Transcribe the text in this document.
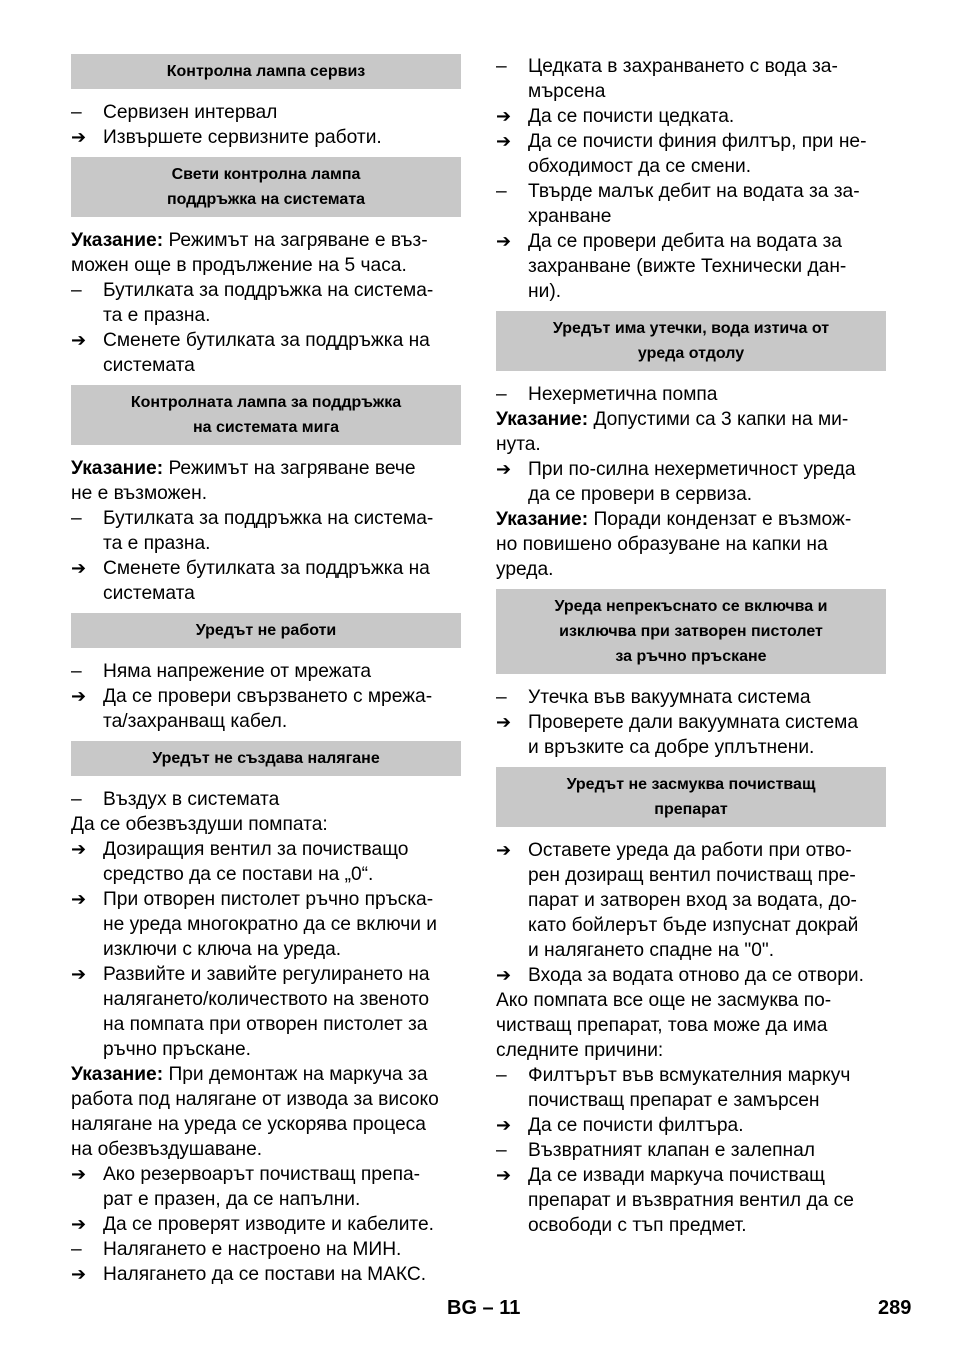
Контролна лампа сервиз
–	Сервизен интервал
➔ Извършете сервизните работи.
Свети контролна лампа
поддръжка на системата
Указание: Режимът на загряване е въз-
можен още в продължение на 5 часа.
–	Бутилката за поддръжка на система-
та е празна.
➔ Сменете бутилката за поддръжка на
системата
Контролната лампа за поддръжка
на системата мига
Указание: Режимът на загряване вече
не е възможен.
–	Бутилката за поддръжка на система-
та е празна.
➔ Сменете бутилката за поддръжка на
системата
Уредът не работи
–	Няма напрежение от мрежата
➔ Да се провери свързването с мрежа-
та/захранващ кабел.
Уредът не създава налягане
–	Въздух в системата
Да се обезвъздуши помпата:
➔ Дозиращия вентил за почистващо
средство да се постави на „0“.
➔ При отворен пистолет ръчно пръска-
не уреда многократно да се включи и
изключи с ключа на уреда.
➔ Развийте и завийте регулирането на
налягането/количеството на звеното
на помпата при отворен пистолет за
ръчно пръскане.
Указание: При демонтаж на маркуча за
работа под налягане от извода за високо
налягане на уреда се ускорява процеса
на обезвъздушаване.
➔ Ако резервоарът почистващ препа-
рат е празен, да се напълни.
➔ Да се проверят изводите и кабелите.
–	Налягането е настроено на МИН.
➔ Налягането да се постави на МАКС.
–	Цедката в захранването с вода за-
мърсена
➔ Да се почисти цедката.
➔ Да се почисти финия филтър, при не-
обходимост да се смени.
–	Твърде малък дебит на водата за за-
хранване
➔ Да се провери дебита на водата за
захранване (вижте Технически дан-
ни).
Уредът има утечки, вода изтича от
уреда отдолу
–	Нехерметична помпа
Указание: Допустими са 3 капки на ми-
нута.
➔ При по-силна нехерметичност уреда
да се провери в сервиза.
Указание: Поради кондензат е възмож-
но повишено образуване на капки на
уреда.
Уреда непрекъснато се включва и
изключва при затворен пистолет
за ръчно пръскане
–	Утечка във вакуумната система
➔ Проверете дали вакуумната система
и връзките са добре уплътнени.
Уредът не засмуква почистващ
препарат
➔ Оставете уреда да работи при отво-
рен дозиращ вентил почистващ пре-
парат и затворен вход за водата, до-
като бойлерът бъде изпуснат докрай
и налягането спадне на "0".
➔ Входа за водата отново да се отвори.
Ако помпата все още не засмуква по-
чистващ препарат, това може да има
следните причини:
–	Филтърът във всмукателния маркуч
почистващ препарат е замърсен
➔ Да се почисти филтъра.
–	Възвратният клапан е залепнал
➔ Да се извади маркуча почистващ
препарат и възвратния вентил да се
освободи с тъп предмет.
BG – 11	289
